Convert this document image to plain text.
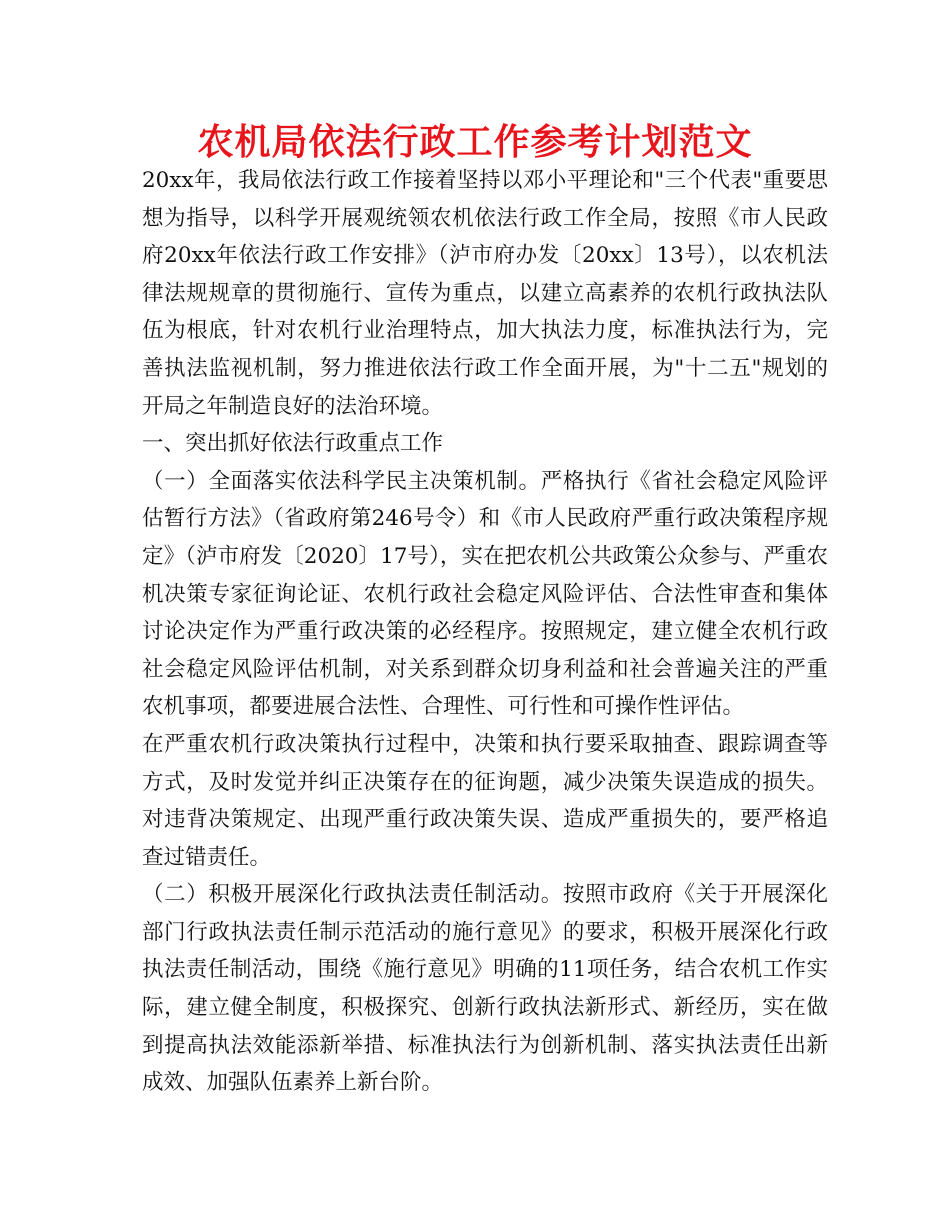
农机局依法行政工作参考计划范文

20xx年，我局依法行政工作接着坚持以邓小平理论和"三个代表"重要思想为指导，以科学开展观统领农机依法行政工作全局，按照《市人民政府20xx年依法行政工作安排》（泸市府办发〔20xx〕13号），以农机法律法规规章的贯彻施行、宣传为重点，以建立高素养的农机行政执法队伍为根底，针对农机行业治理特点，加大执法力度，标准执法行为，完善执法监视机制，努力推进依法行政工作全面开展，为"十二五"规划的开局之年制造良好的法治环境。

一、突出抓好依法行政重点工作

（一）全面落实依法科学民主决策机制。严格执行《省社会稳定风险评估暂行方法》（省政府第246号令）和《市人民政府严重行政决策程序规定》（泸市府发〔2020〕17号），实在把农机公共政策公众参与、严重农机决策专家征询论证、农机行政社会稳定风险评估、合法性审查和集体讨论决定作为严重行政决策的必经程序。按照规定，建立健全农机行政社会稳定风险评估机制，对关系到群众切身利益和社会普遍关注的严重农机事项，都要进展合法性、合理性、可行性和可操作性评估。

在严重农机行政决策执行过程中，决策和执行要采取抽查、跟踪调查等方式，及时发觉并纠正决策存在的征询题，减少决策失误造成的损失。对违背决策规定、出现严重行政决策失误、造成严重损失的，要严格追查过错责任。

（二）积极开展深化行政执法责任制活动。按照市政府《关于开展深化部门行政执法责任制示范活动的施行意见》的要求，积极开展深化行政执法责任制活动，围绕《施行意见》明确的11项任务，结合农机工作实际，建立健全制度，积极探究、创新行政执法新形式、新经历，实在做到提高执法效能添新举措、标准执法行为创新机制、落实执法责任出新成效、加强队伍素养上新台阶。
